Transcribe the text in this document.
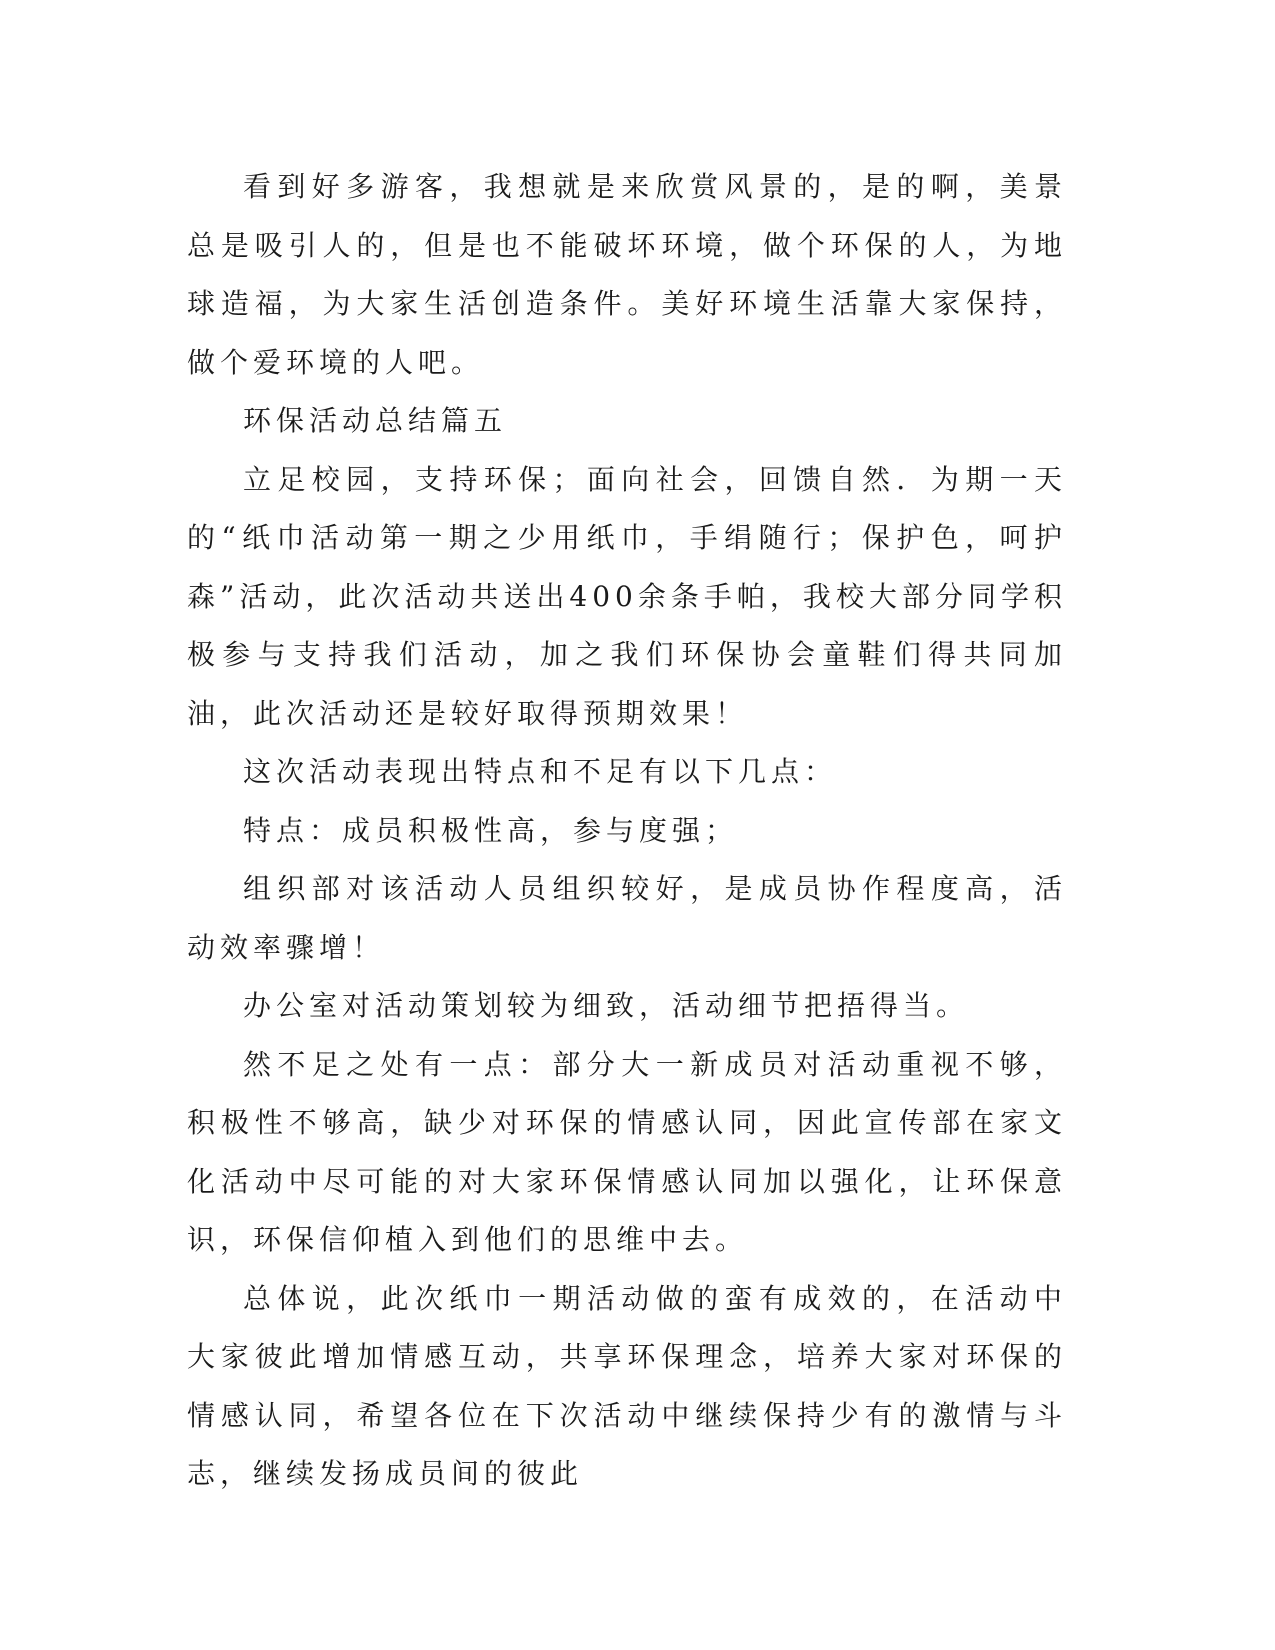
看到好多游客，我想就是来欣赏风景的，是的啊，美景总是吸引人的，但是也不能破坏环境，做个环保的人，为地球造福，为大家生活创造条件。美好环境生活靠大家保持，做个爱环境的人吧。

环保活动总结篇五

立足校园，支持环保；面向社会，回馈自然．为期一天的“纸巾活动第一期之少用纸巾，手绢随行；保护色，呵护森”活动，此次活动共送出400余条手帕，我校大部分同学积极参与支持我们活动，加之我们环保协会童鞋们得共同加油，此次活动还是较好取得预期效果！

这次活动表现出特点和不足有以下几点：

特点：成员积极性高，参与度强；

组织部对该活动人员组织较好，是成员协作程度高，活动效率骤增！

办公室对活动策划较为细致，活动细节把捂得当。

然不足之处有一点：部分大一新成员对活动重视不够，积极性不够高，缺少对环保的情感认同，因此宣传部在家文化活动中尽可能的对大家环保情感认同加以强化，让环保意识，环保信仰植入到他们的思维中去。

总体说，此次纸巾一期活动做的蛮有成效的，在活动中大家彼此增加情感互动，共享环保理念，培养大家对环保的情感认同，希望各位在下次活动中继续保持少有的激情与斗志，继续发扬成员间的彼此
